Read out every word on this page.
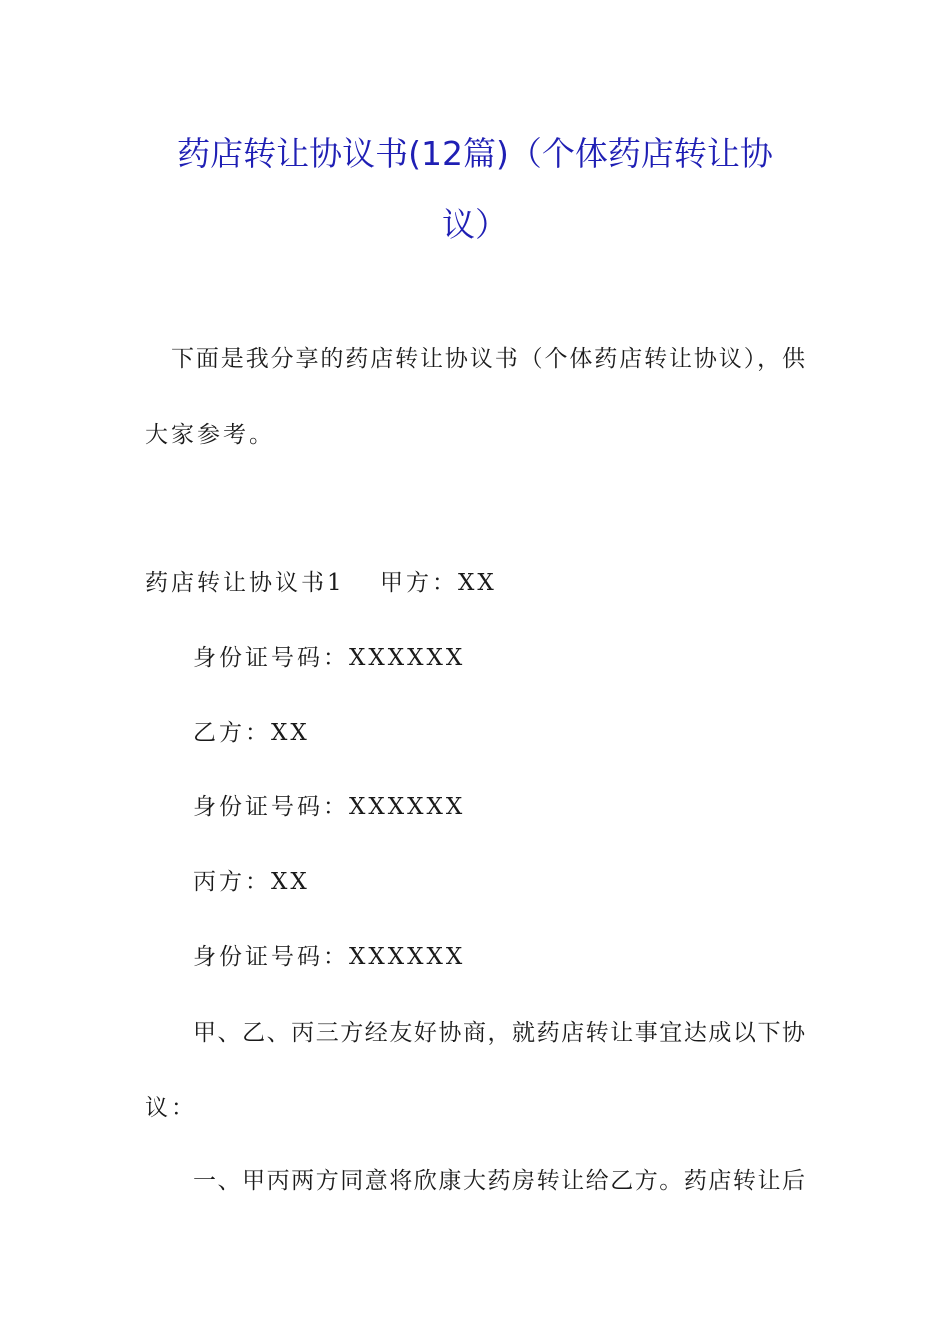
药店转让协议书(12篇)（个体药店转让协
议）
下面是我分享的药店转让协议书（个体药店转让协议），供
大家参考。
药店转让协议书1 甲方：XX
身份证号码：XXXXXX
乙方：XX
身份证号码：XXXXXX
丙方：XX
身份证号码：XXXXXX
甲、乙、丙三方经友好协商，就药店转让事宜达成以下协
议：
一、甲丙两方同意将欣康大药房转让给乙方。药店转让后
